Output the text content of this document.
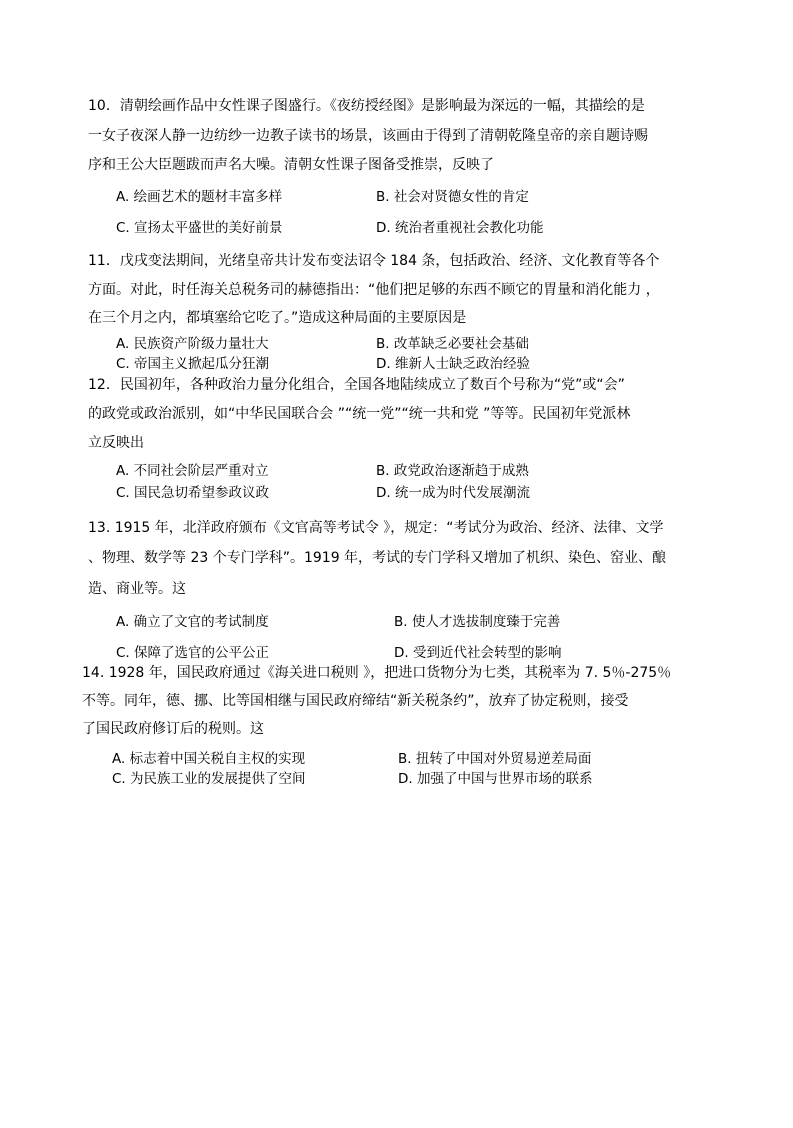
10．清朝绘画作品中女性课子图盛行。《夜纺授经图》是影响最为深远的一幅，其描绘的是
一女子夜深人静一边纺纱一边教子读书的场景，该画由于得到了清朝乾隆皇帝的亲自题诗赐
序和王公大臣题跋而声名大噪。清朝女性课子图备受推崇，反映了
A. 绘画艺术的题材丰富多样	B. 社会对贤德女性的肯定
C. 宣扬太平盛世的美好前景	D. 统治者重视社会教化功能
11．戊戌变法期间，光绪皇帝共计发布变法诏令 184 条，包括政治、经济、文化教育等各个
方面。对此，时任海关总税务司的赫德指出：“他们把足够的东西不顾它的胃量和消化能力 ，
在三个月之内，都填塞给它吃了。”造成这种局面的主要原因是
A. 民族资产阶级力量壮大	B. 改革缺乏必要社会基础
C. 帝国主义掀起瓜分狂潮	D. 维新人士缺乏政治经验
12．民国初年，各种政治力量分化组合，全国各地陆续成立了数百个号称为“党”或“会”
的政党或政治派别，如“中华民国联合会 ”“统一党”“统一共和党 ”等等。民国初年党派林
立反映出
A. 不同社会阶层严重对立	B. 政党政治逐渐趋于成熟
C. 国民急切希望参政议政	D. 统一成为时代发展潮流
13. 1915 年，北洋政府颁布《文官高等考试令 》，规定：“考试分为政治、经济、法律、文学
、物理、数学等 23 个专门学科”。1919 年，考试的专门学科又增加了机织、染色、窑业、酿
造、商业等。这
A. 确立了文官的考试制度	B. 使人才选拔制度臻于完善
C. 保障了选官的公平公正	D. 受到近代社会转型的影响
14. 1928 年，国民政府通过《海关进口税则 》，把进口货物分为七类，其税率为 7. 5％-275％
不等。同年，德、挪、比等国相继与国民政府缔结“新关税条约”，放弃了协定税则，接受
了国民政府修订后的税则。这
A. 标志着中国关税自主权的实现	B. 扭转了中国对外贸易逆差局面
C. 为民族工业的发展提供了空间	D. 加强了中国与世界市场的联系
